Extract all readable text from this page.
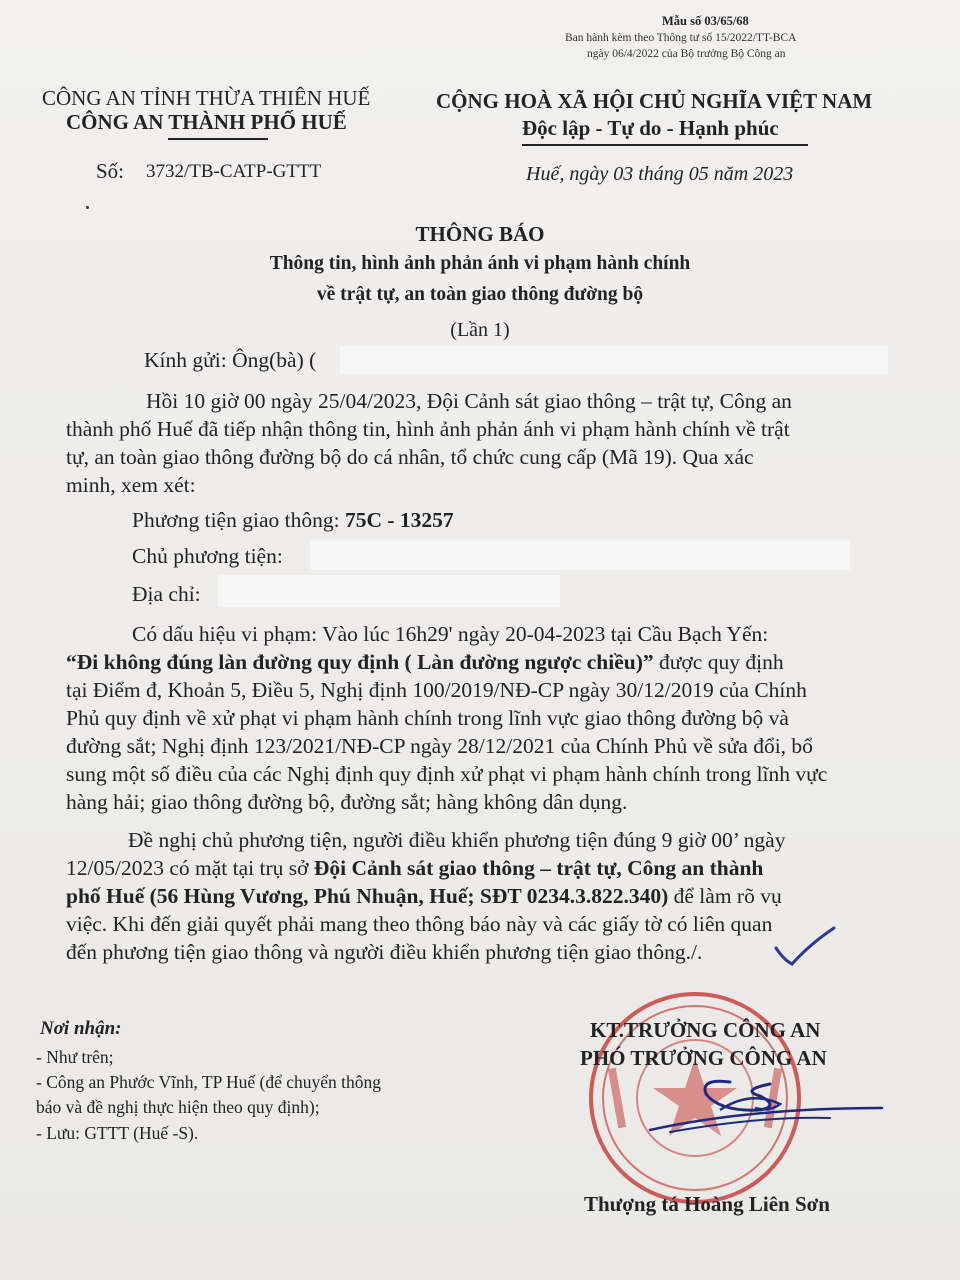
Mẫu số 03/65/68
Ban hành kèm theo Thông tư số 15/2022/TT-BCA
ngày 06/4/2022 của Bộ trưởng Bộ Công an
CÔNG AN TỈNH THỪA THIÊN HUẾ
CÔNG AN THÀNH PHỐ HUẾ
Số: 3732/TB-CATP-GTTT
CỘNG HOÀ XÃ HỘI CHỦ NGHĨA VIỆT NAM
Độc lập - Tự do - Hạnh phúc
Huế, ngày 03 tháng 05 năm 2023
THÔNG BÁO
Thông tin, hình ảnh phản ánh vi phạm hành chính
về trật tự, an toàn giao thông đường bộ
(Lần 1)
Kính gửi: Ông(bà) (
Hồi 10 giờ 00 ngày 25/04/2023, Đội Cảnh sát giao thông – trật tự, Công an
thành phố Huế đã tiếp nhận thông tin, hình ảnh phản ánh vi phạm hành chính về trật
tự, an toàn giao thông đường bộ do cá nhân, tổ chức cung cấp (Mã 19). Qua xác
minh, xem xét:
Phương tiện giao thông: 75C - 13257
Chủ phương tiện:
Địa chỉ:
Có dấu hiệu vi phạm: Vào lúc 16h29' ngày 20-04-2023 tại Cầu Bạch Yến:
“Đi không đúng làn đường quy định ( Làn đường ngược chiều)” được quy định
tại Điểm đ, Khoản 5, Điều 5, Nghị định 100/2019/NĐ-CP ngày 30/12/2019 của Chính
Phủ quy định về xử phạt vi phạm hành chính trong lĩnh vực giao thông đường bộ và
đường sắt; Nghị định 123/2021/NĐ-CP ngày 28/12/2021 của Chính Phủ về sửa đổi, bổ
sung một số điều của các Nghị định quy định xử phạt vi phạm hành chính trong lĩnh vực
hàng hải; giao thông đường bộ, đường sắt; hàng không dân dụng.
Đề nghị chủ phương tiện, người điều khiển phương tiện đúng 9 giờ 00’ ngày
12/05/2023 có mặt tại trụ sở Đội Cảnh sát giao thông – trật tự, Công an thành
phố Huế (56 Hùng Vương, Phú Nhuận, Huế; SĐT 0234.3.822.340) để làm rõ vụ
việc. Khi đến giải quyết phải mang theo thông báo này và các giấy tờ có liên quan
đến phương tiện giao thông và người điều khiển phương tiện giao thông./.
Nơi nhận:
- Như trên;
- Công an Phước Vĩnh, TP Huế (để chuyển thông
báo và đề nghị thực hiện theo quy định);
- Lưu: GTTT (Huế -S).
KT.TRƯỞNG CÔNG AN
PHÓ TRƯỞNG CÔNG AN
Thượng tá Hoàng Liên Sơn
